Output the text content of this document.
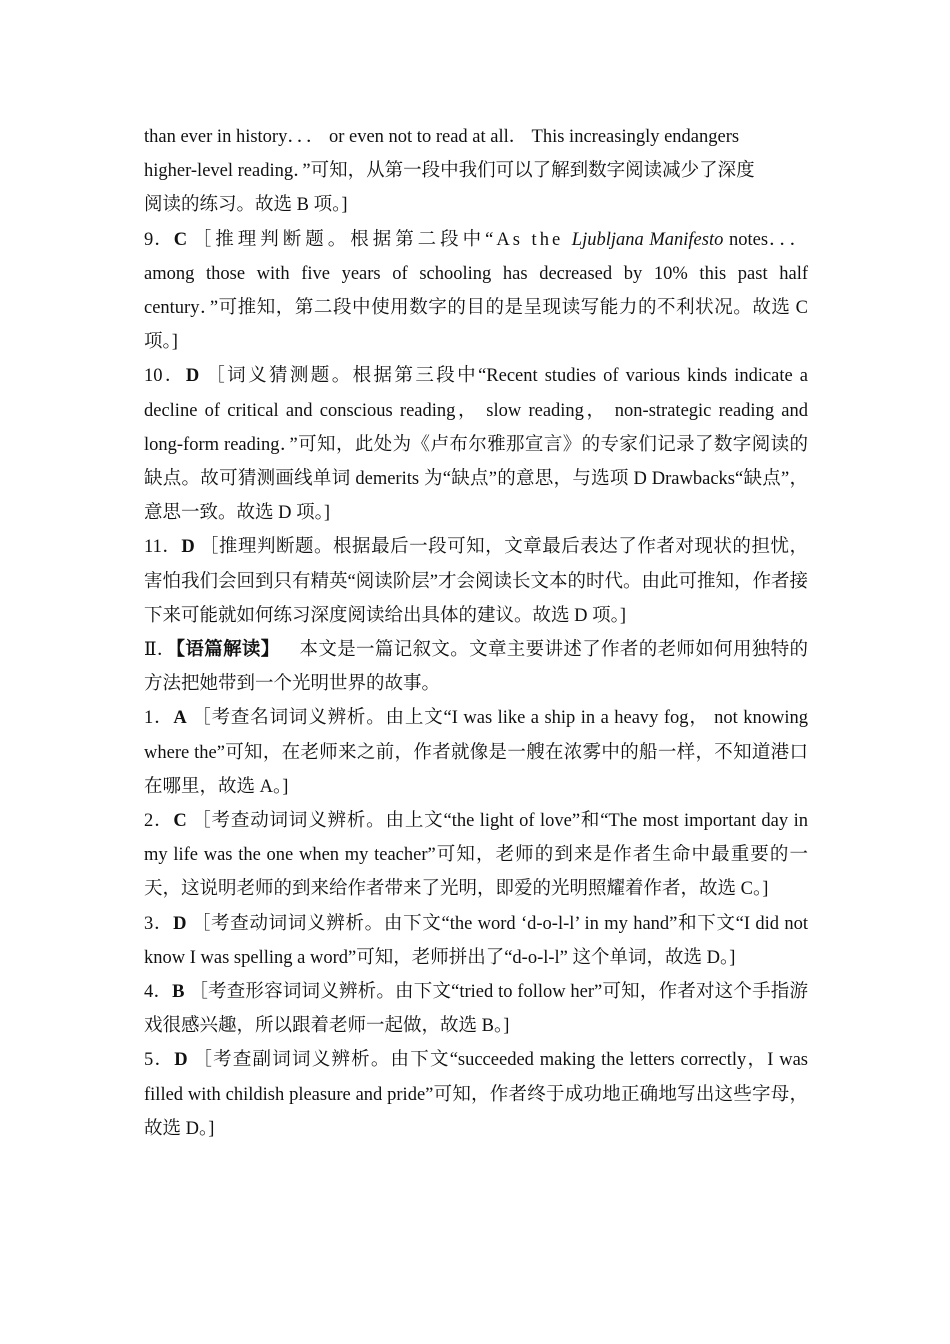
than ever in history．．． or even not to read at all． This increasingly endangers
higher-level reading．”可知，从第一段中我们可以了解到数字阅读减少了深度
阅读的练习。故选 B 项。]

9．C ［推理判断题。根据第二段中“As the Ljubljana Manifesto notes．．． among those with five years of schooling has decreased by 10% this past half century．”可推知，第二段中使用数字的目的是呈现读写能力的不利状况。故选 C 项。]

10．D ［词义猜测题。根据第三段中“Recent studies of various kinds indicate a decline of critical and conscious reading， slow reading， non-strategic reading and long-form reading．”可知，此处为《卢布尔雅那宣言》的专家们记录了数字阅读的缺点。故可猜测画线单词 demerits 为“缺点”的意思，与选项 D Drawbacks“缺点”，意思一致。故选 D 项。]

11．D ［推理判断题。根据最后一段可知，文章最后表达了作者对现状的担忧，害怕我们会回到只有精英“阅读阶层”才会阅读长文本的时代。由此可推知，作者接下来可能就如何练习深度阅读给出具体的建议。故选 D 项。]

Ⅱ．【语篇解读】 本文是一篇记叙文。文章主要讲述了作者的老师如何用独特的方法把她带到一个光明世界的故事。

1．A ［考查名词词义辨析。由上文“I was like a ship in a heavy fog， not knowing where the”可知，在老师来之前，作者就像是一艘在浓雾中的船一样，不知道港口在哪里，故选 A。]

2．C ［考查动词词义辨析。由上文“the light of love”和“The most important day in my life was the one when my teacher”可知，老师的到来是作者生命中最重要的一天，这说明老师的到来给作者带来了光明，即爱的光明照耀着作者，故选 C。]

3．D ［考查动词词义辨析。由下文“the word ‘d-o-l-l’ in my hand”和下文“I did not know I was spelling a word”可知，老师拼出了“d-o-l-l” 这个单词，故选 D。]

4．B ［考查形容词词义辨析。由下文“tried to follow her”可知，作者对这个手指游戏很感兴趣，所以跟着老师一起做，故选 B。]

5．D ［考查副词词义辨析。由下文“succeeded making the letters correctly，I was filled with childish pleasure and pride”可知，作者终于成功地正确地写出这些字母，故选 D。]
